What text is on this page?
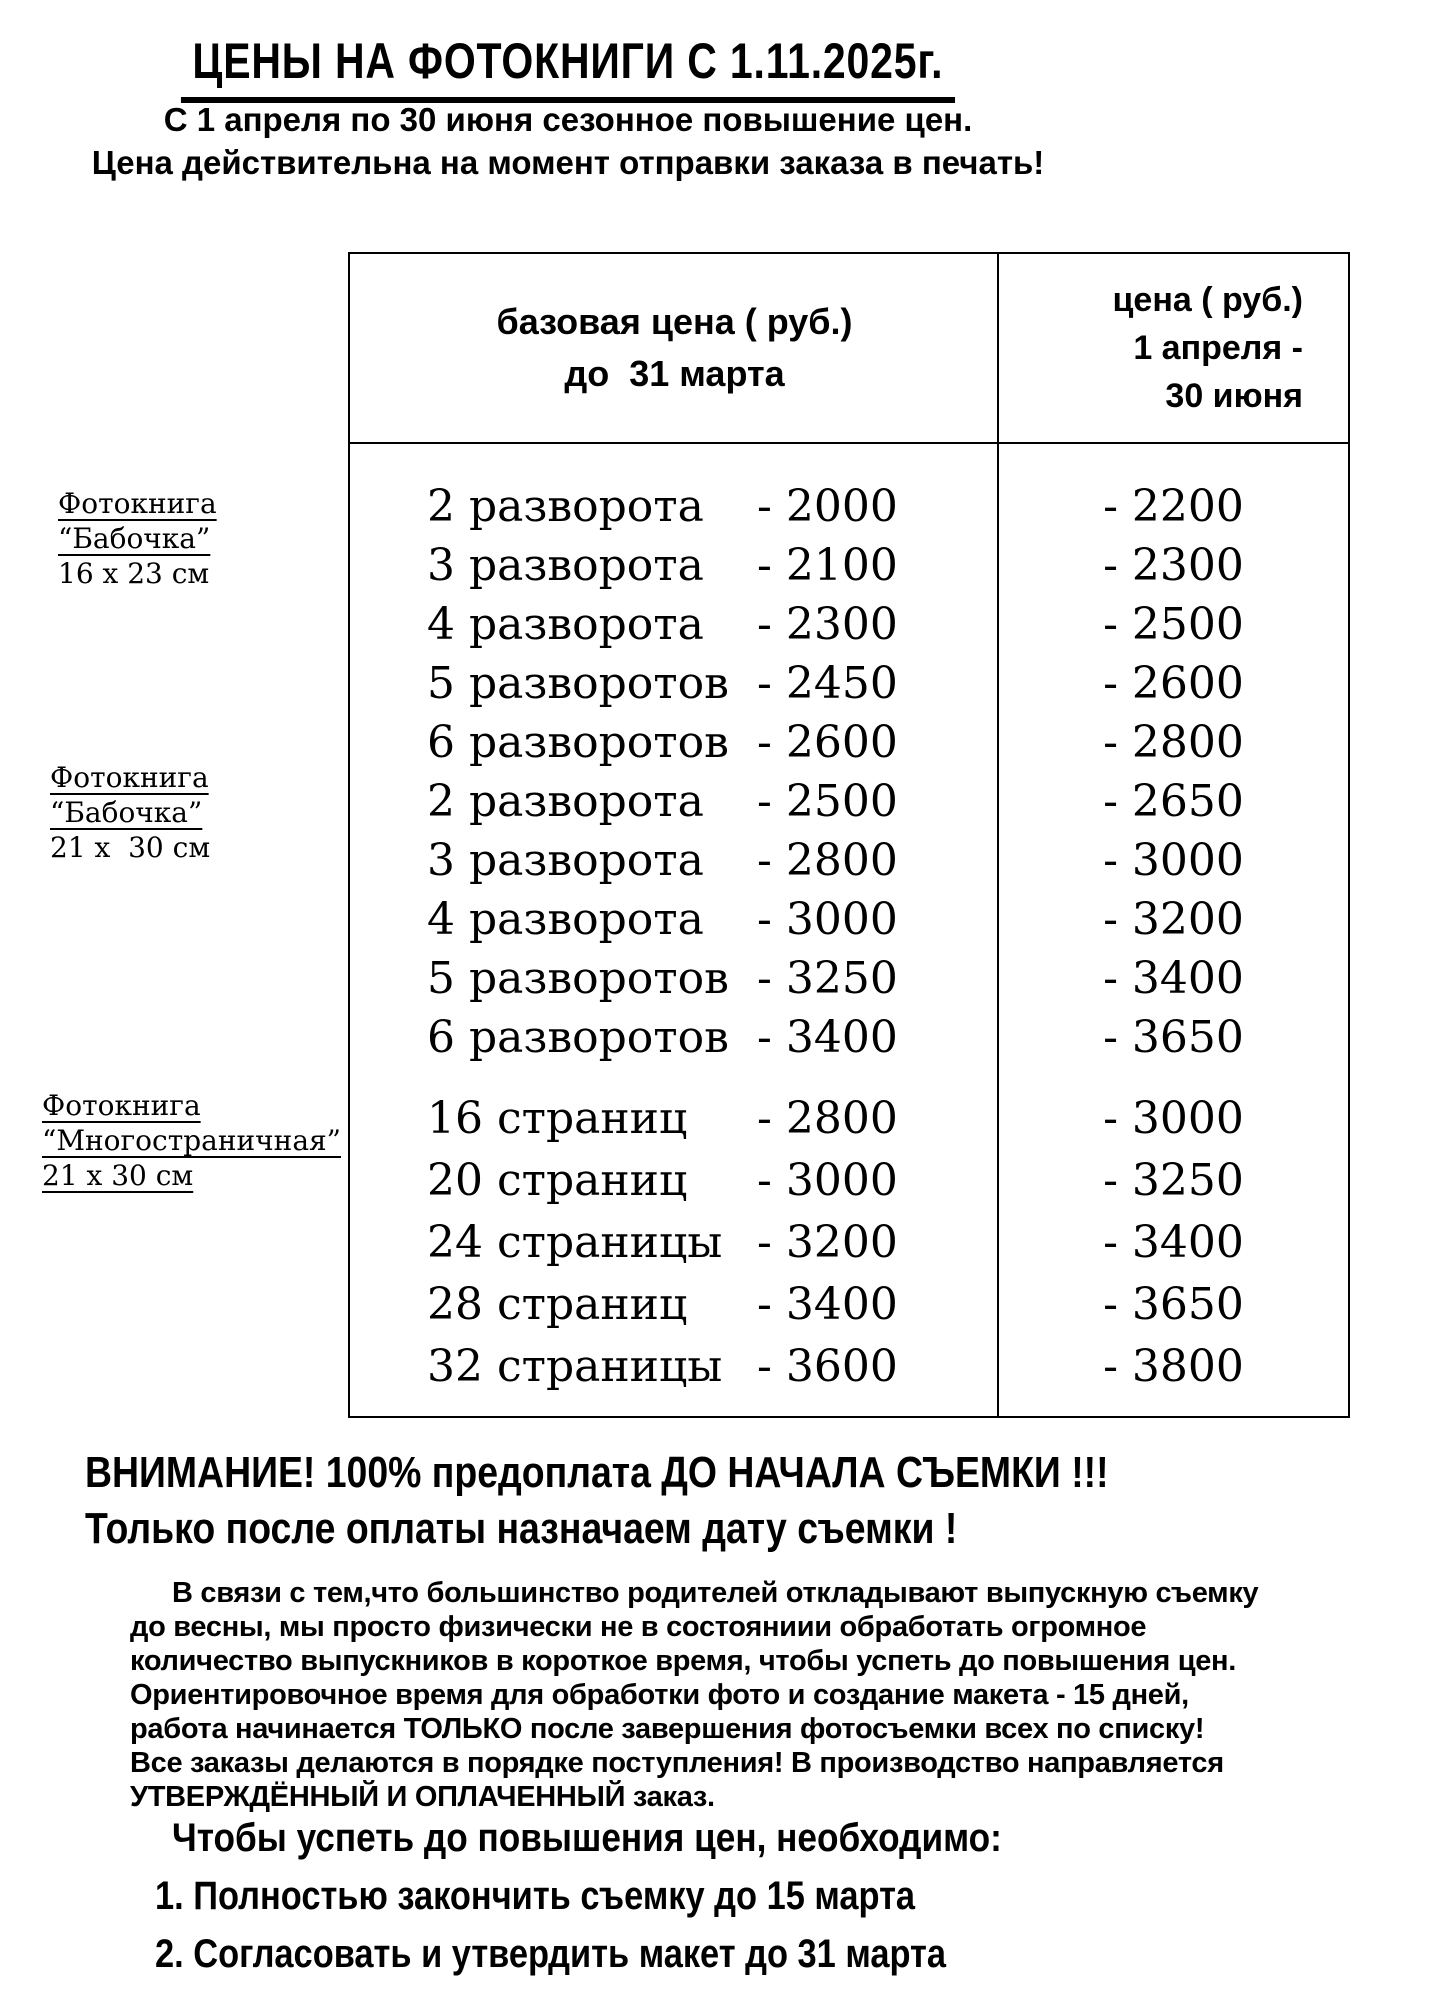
ЦЕНЫ НА ФОТОКНИГИ С 1.11.2025г.
С 1 апреля по 30 июня сезонное повышение цен.
Цена действительна на момент отправки заказа в печать!
базовая цена ( руб.)
до  31 марта
цена ( руб.)
1 апреля -
30 июня
2 разворота	- 2000	- 2200
3 разворота	- 2100	- 2300
4 разворота	- 2300	- 2500
5 разворотов - 2450	- 2600
6 разворотов - 2600	- 2800
2 разворота	- 2500	- 2650
3 разворота	- 2800	- 3000
4 разворота	- 3000	- 3200
5 разворотов - 3250	- 3400
6 разворотов - 3400	- 3650
16 страниц	- 2800	- 3000
20 страниц	- 3000	- 3250
24 страницы - 3200	- 3400
28 страниц	- 3400	- 3650
32 страницы - 3600	- 3800
Фотокнига
“Бабочка”
16 х 23 см
Фотокнига
“Бабочка”
21 х  30 см
Фотокнига
“Многостраничная”
21 х 30 см
ВНИМАНИЕ! 100% предоплата ДО НАЧАЛА СЪЕМКИ !!!
Только после оплаты назначаем дату съемки !
В связи с тем,что большинство родителей откладывают выпускную съемку
до весны, мы просто физически не в состояниии обработать огромное
количество выпускников в короткое время, чтобы успеть до повышения цен.
Ориентировочное время для обработки фото и создание макета - 15 дней,
работа начинается ТОЛЬКО после завершения фотосъемки всех по списку!
Все заказы делаются в порядке поступления! В производство направляется
УТВЕРЖДЁННЫЙ И ОПЛАЧЕННЫЙ заказ.
Чтобы успеть до повышения цен, необходимо:
1. Полностью закончить съемку до 15 марта
2. Согласовать и утвердить макет до 31 марта
